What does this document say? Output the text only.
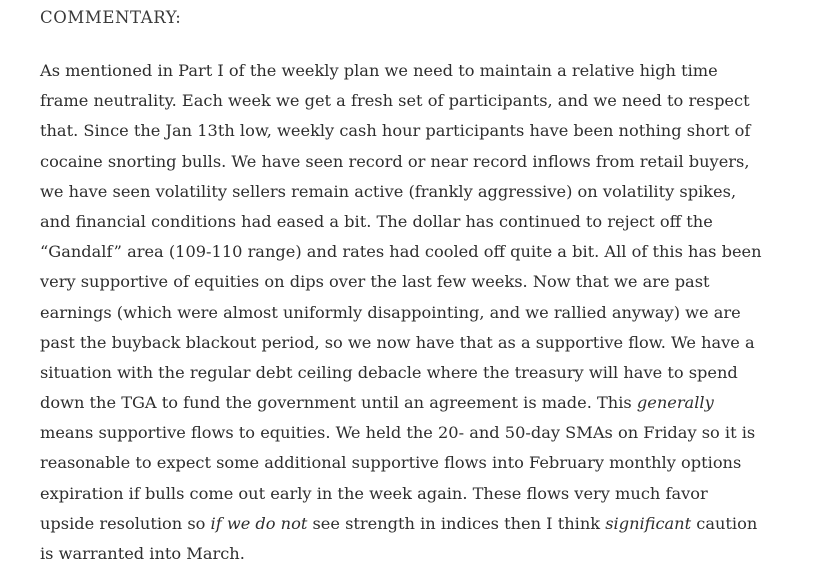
COMMENTARY:
As mentioned in Part I of the weekly plan we need to maintain a relative high time
frame neutrality. Each week we get a fresh set of participants, and we need to respect
that. Since the Jan 13th low, weekly cash hour participants have been nothing short of
cocaine snorting bulls. We have seen record or near record inflows from retail buyers,
we have seen volatility sellers remain active (frankly aggressive) on volatility spikes,
and financial conditions had eased a bit. The dollar has continued to reject off the
“Gandalf” area (109-110 range) and rates had cooled off quite a bit. All of this has been
very supportive of equities on dips over the last few weeks. Now that we are past
earnings (which were almost uniformly disappointing, and we rallied anyway) we are
past the buyback blackout period, so we now have that as a supportive flow. We have a
situation with the regular debt ceiling debacle where the treasury will have to spend
down the TGA to fund the government until an agreement is made. This generally
means supportive flows to equities. We held the 20- and 50-day SMAs on Friday so it is
reasonable to expect some additional supportive flows into February monthly options
expiration if bulls come out early in the week again. These flows very much favor
upside resolution so if we do not see strength in indices then I think significant caution
is warranted into March.
